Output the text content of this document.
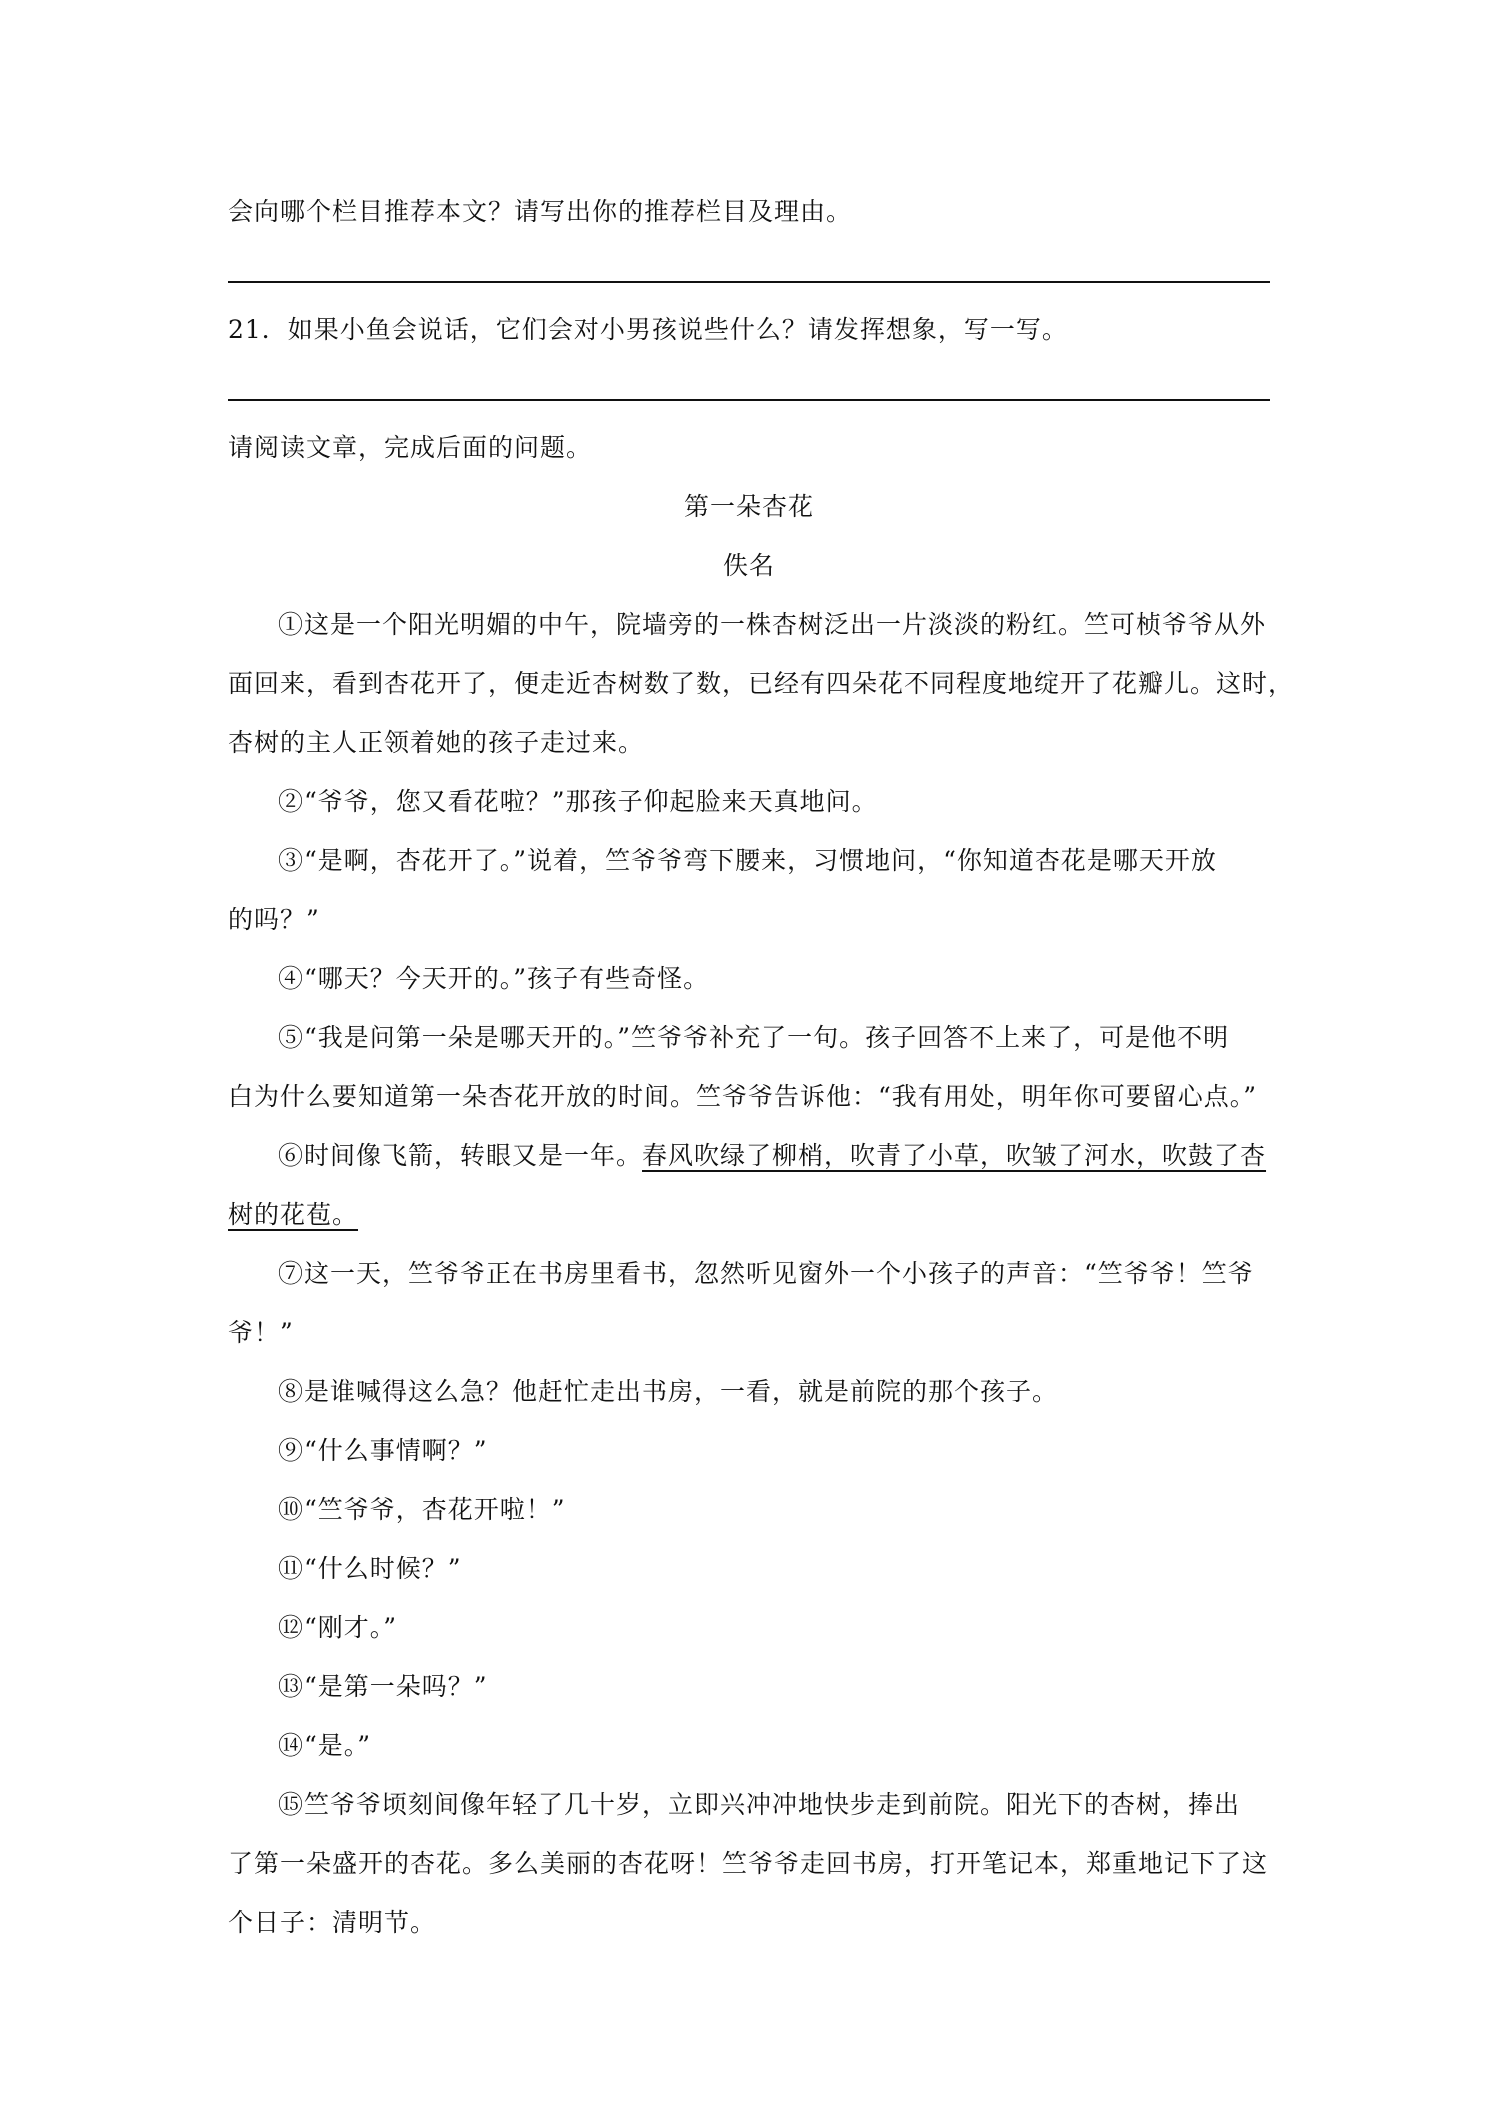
会向哪个栏目推荐本文？请写出你的推荐栏目及理由。
21．如果小鱼会说话，它们会对小男孩说些什么？请发挥想象，写一写。
请阅读文章，完成后面的问题。
第一朵杏花
佚名
①这是一个阳光明媚的中午，院墙旁的一株杏树泛出一片淡淡的粉红。竺可桢爷爷从外
面回来，看到杏花开了，便走近杏树数了数，已经有四朵花不同程度地绽开了花瓣儿。这时，
杏树的主人正领着她的孩子走过来。
②“爷爷，您又看花啦？”那孩子仰起脸来天真地问。
③“是啊，杏花开了。”说着，竺爷爷弯下腰来，习惯地问，“你知道杏花是哪天开放
的吗？”
④“哪天？今天开的。”孩子有些奇怪。
⑤“我是问第一朵是哪天开的。”竺爷爷补充了一句。孩子回答不上来了，可是他不明
白为什么要知道第一朵杏花开放的时间。竺爷爷告诉他：“我有用处，明年你可要留心点。”
⑥时间像飞箭，转眼又是一年。春风吹绿了柳梢，吹青了小草，吹皱了河水，吹鼓了杏
树的花苞。
⑦这一天，竺爷爷正在书房里看书，忽然听见窗外一个小孩子的声音：“竺爷爷！竺爷
爷！”
⑧是谁喊得这么急？他赶忙走出书房，一看，就是前院的那个孩子。
⑨“什么事情啊？”
⑩“竺爷爷，杏花开啦！”
⑪“什么时候？”
⑫“刚才。”
⑬“是第一朵吗？”
⑭“是。”
⑮竺爷爷顷刻间像年轻了几十岁，立即兴冲冲地快步走到前院。阳光下的杏树，捧出
了第一朵盛开的杏花。多么美丽的杏花呀！竺爷爷走回书房，打开笔记本，郑重地记下了这
个日子：清明节。
